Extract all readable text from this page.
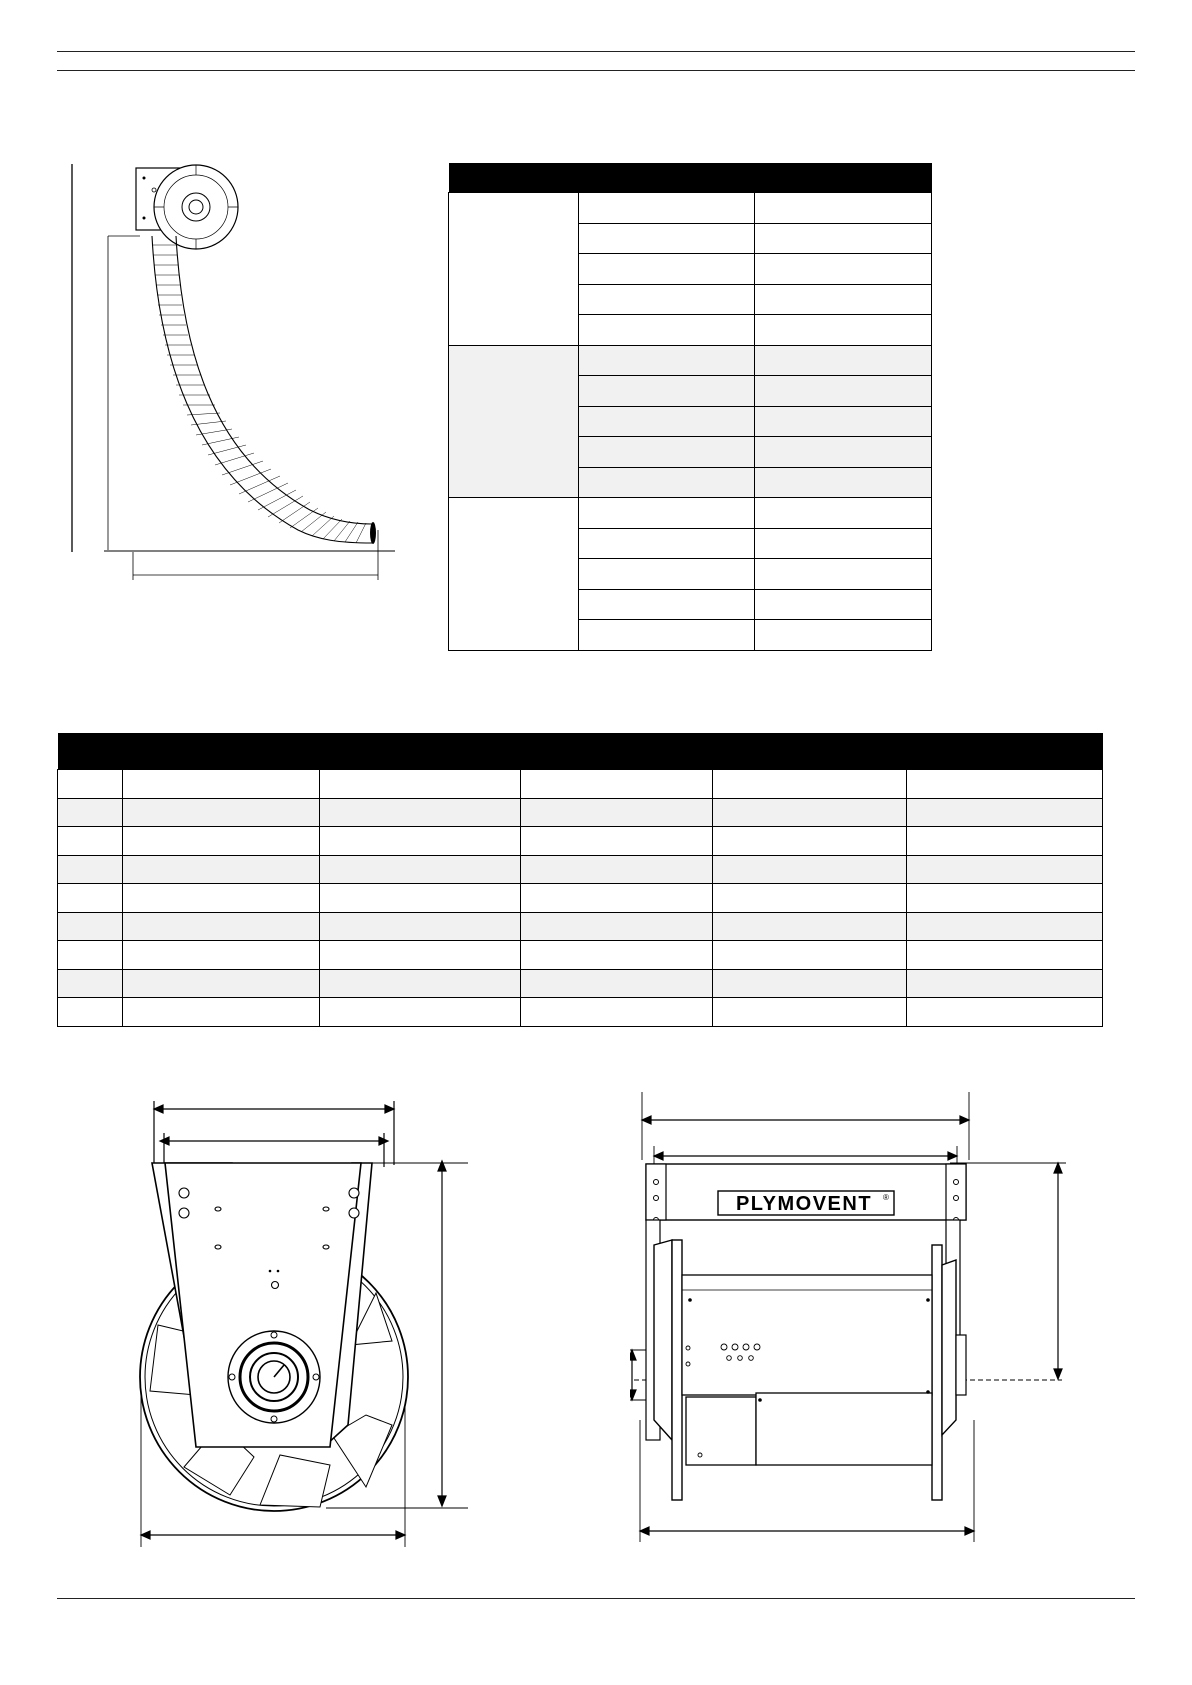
PLYMOVENT ®
